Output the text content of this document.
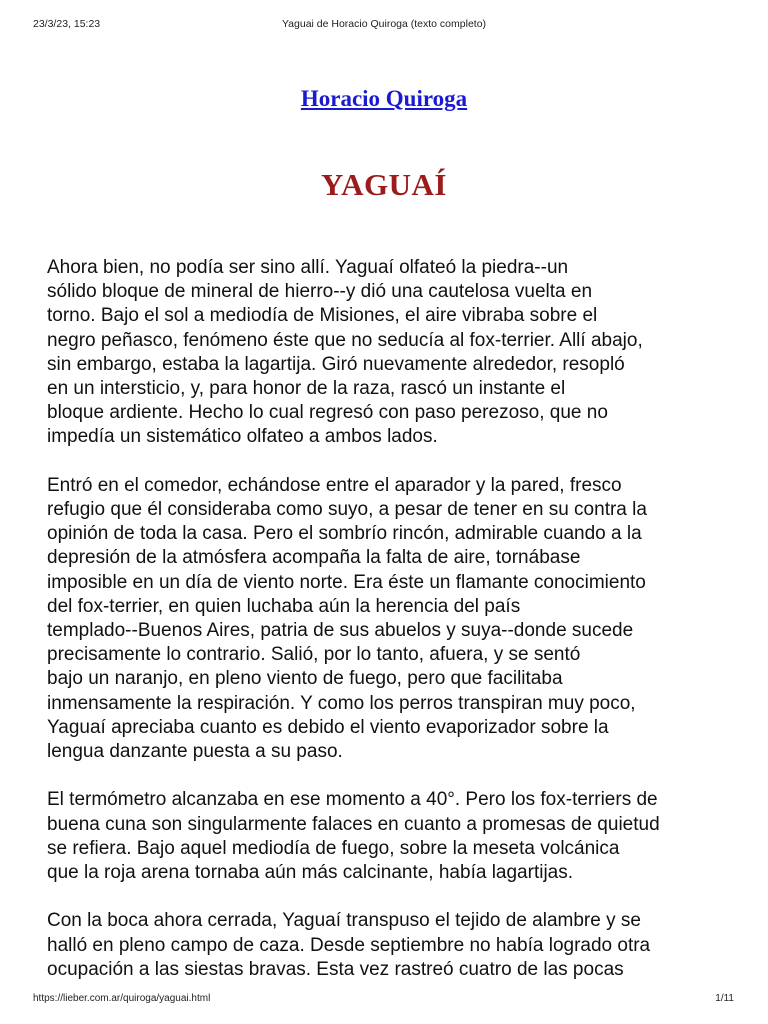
23/3/23, 15:23	Yaguai de Horacio Quiroga (texto completo)
Horacio Quiroga
YAGUAÍ

Ahora bien, no podía ser sino allí. Yaguaí olfateó la piedra--un
sólido bloque de mineral de hierro--y dió una cautelosa vuelta en
torno. Bajo el sol a mediodía de Misiones, el aire vibraba sobre el
negro peñasco, fenómeno éste que no seducía al fox-terrier. Allí abajo,
sin embargo, estaba la lagartija. Giró nuevamente alrededor, resopló
en un intersticio, y, para honor de la raza, rascó un instante el
bloque ardiente. Hecho lo cual regresó con paso perezoso, que no
impedía un sistemático olfateo a ambos lados.

Entró en el comedor, echándose entre el aparador y la pared, fresco
refugio que él consideraba como suyo, a pesar de tener en su contra la
opinión de toda la casa. Pero el sombrío rincón, admirable cuando a la
depresión de la atmósfera acompaña la falta de aire, tornábase
imposible en un día de viento norte. Era éste un flamante conocimiento
del fox-terrier, en quien luchaba aún la herencia del país
templado--Buenos Aires, patria de sus abuelos y suya--donde sucede
precisamente lo contrario. Salió, por lo tanto, afuera, y se sentó
bajo un naranjo, en pleno viento de fuego, pero que facilitaba
inmensamente la respiración. Y como los perros transpiran muy poco,
Yaguaí apreciaba cuanto es debido el viento evaporizador sobre la
lengua danzante puesta a su paso.

El termómetro alcanzaba en ese momento a 40°. Pero los fox-terriers de
buena cuna son singularmente falaces en cuanto a promesas de quietud
se refiera. Bajo aquel mediodía de fuego, sobre la meseta volcánica
que la roja arena tornaba aún más calcinante, había lagartijas.

Con la boca ahora cerrada, Yaguaí transpuso el tejido de alambre y se
halló en pleno campo de caza. Desde septiembre no había logrado otra
ocupación a las siestas bravas. Esta vez rastreó cuatro de las pocas

https://lieber.com.ar/quiroga/yaguai.html	1/11
